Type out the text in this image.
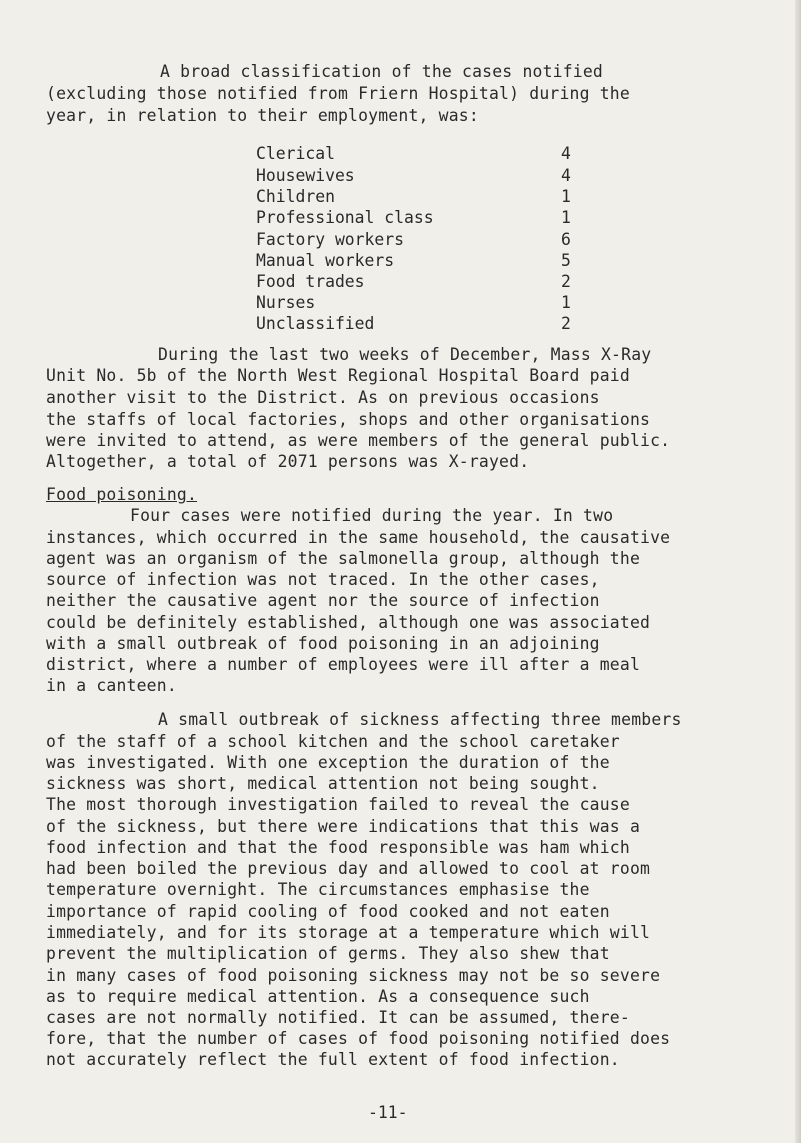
A broad classification of the cases notified
(excluding those notified from Friern Hospital) during the
year, in relation to their employment, was:
Clerical	4
Housewives	4
Children	1
Professional class	1
Factory workers	6
Manual workers	5
Food trades	2
Nurses	1
Unclassified	2
During the last two weeks of December, Mass X-Ray
Unit No. 5b of the North West Regional Hospital Board paid
another visit to the District. As on previous occasions
the staffs of local factories, shops and other organisations
were invited to attend, as were members of the general public.
Altogether, a total of 2071 persons was X-rayed.
Food poisoning.
Four cases were notified during the year. In two
instances, which occurred in the same household, the causative
agent was an organism of the salmonella group, although the
source of infection was not traced. In the other cases,
neither the causative agent nor the source of infection
could be definitely established, although one was associated
with a small outbreak of food poisoning in an adjoining
district, where a number of employees were ill after a meal
in a canteen.
A small outbreak of sickness affecting three members
of the staff of a school kitchen and the school caretaker
was investigated. With one exception the duration of the
sickness was short, medical attention not being sought.
The most thorough investigation failed to reveal the cause
of the sickness, but there were indications that this was a
food infection and that the food responsible was ham which
had been boiled the previous day and allowed to cool at room
temperature overnight. The circumstances emphasise the
importance of rapid cooling of food cooked and not eaten
immediately, and for its storage at a temperature which will
prevent the multiplication of germs. They also shew that
in many cases of food poisoning sickness may not be so severe
as to require medical attention. As a consequence such
cases are not normally notified. It can be assumed, there-
fore, that the number of cases of food poisoning notified does
not accurately reflect the full extent of food infection.
-11-
